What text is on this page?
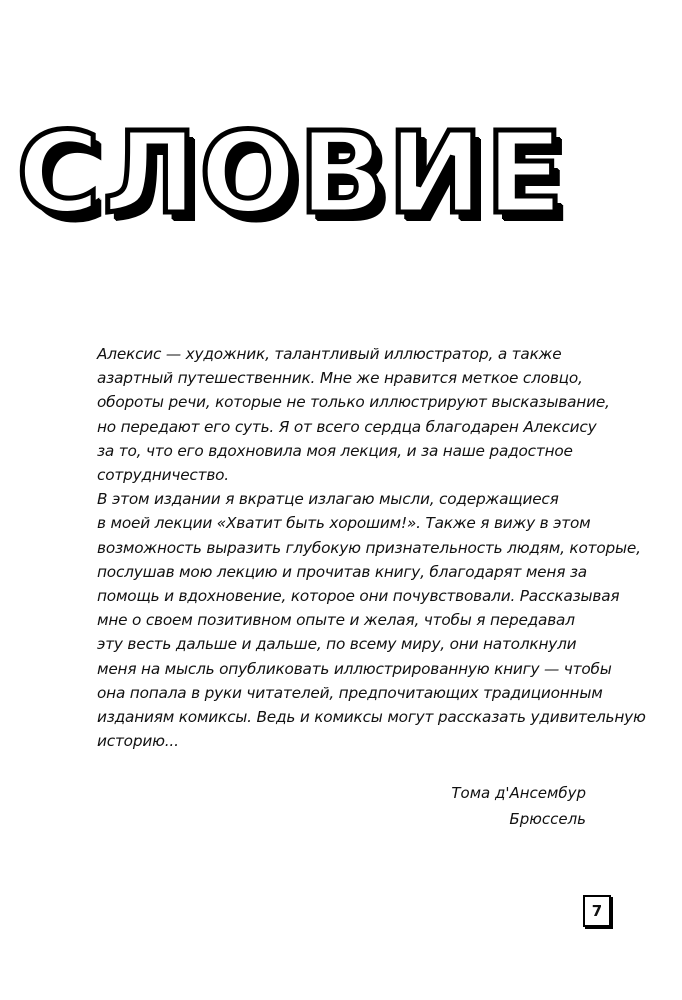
СЛОВИЕ
Алексис — художник, талантливый иллюстратор, а также
азартный путешественник. Мне же нравится меткое словцо,
обороты речи, которые не только иллюстрируют высказывание,
но передают его суть. Я от всего сердца благодарен Алексису
за то, что его вдохновила моя лекция, и за наше радостное
сотрудничество.
В этом издании я вкратце излагаю мысли, содержащиеся
в моей лекции «Хватит быть хорошим!». Также я вижу в этом
возможность выразить глубокую признательность людям, которые,
послушав мою лекцию и прочитав книгу, благодарят меня за
помощь и вдохновение, которое они почувствовали. Рассказывая
мне о своем позитивном опыте и желая, чтобы я передавал
эту весть дальше и дальше, по всему миру, они натолкнули
меня на мысль опубликовать иллюстрированную книгу — чтобы
она попала в руки читателей, предпочитающих традиционным
изданиям комиксы. Ведь и комиксы могут рассказать удивительную
историю...
Тома д'Ансембур
Брюссель
7
